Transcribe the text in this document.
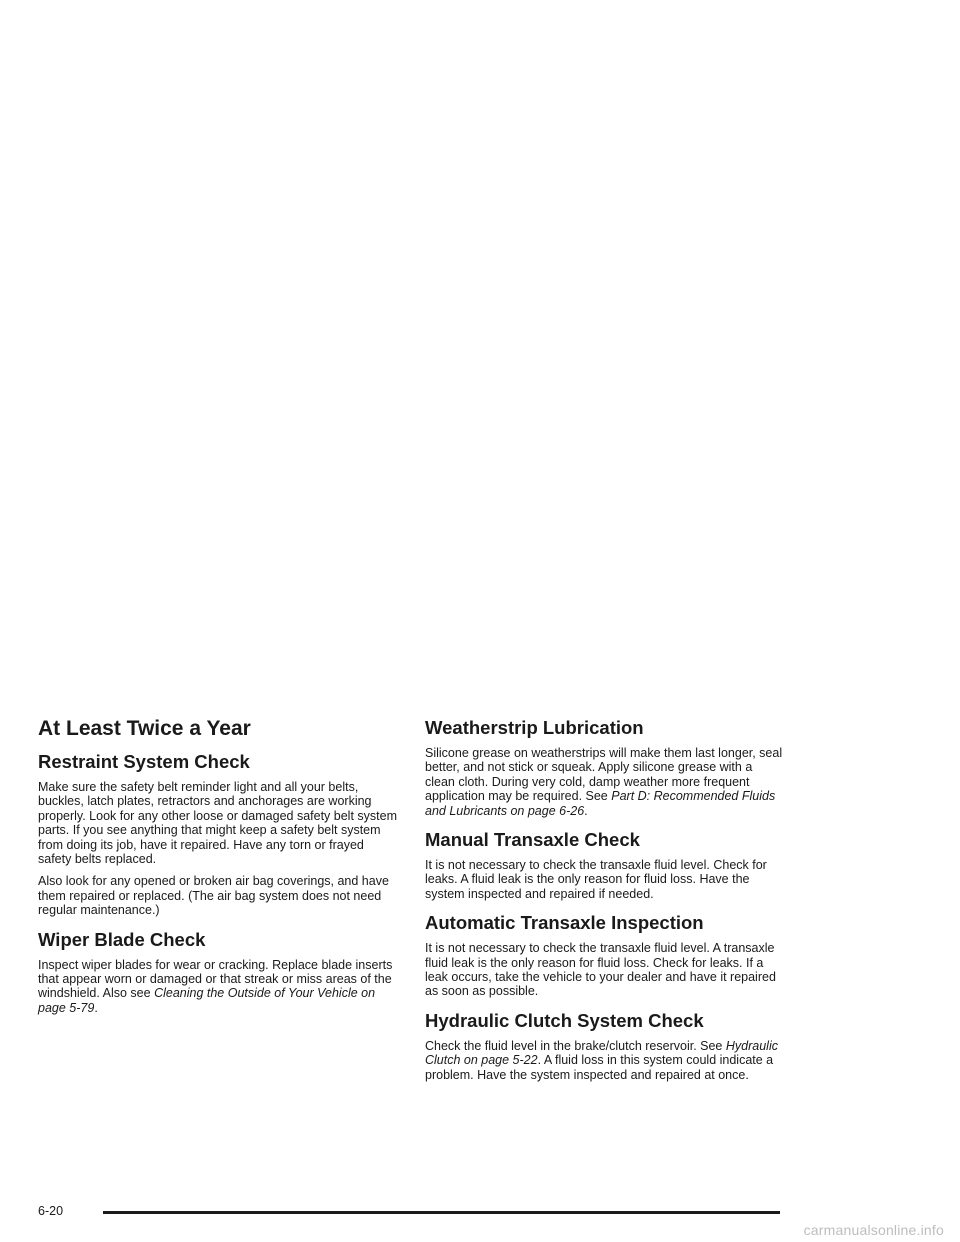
At Least Twice a Year
Restraint System Check

Make sure the safety belt reminder light and all your belts, buckles, latch plates, retractors and anchorages are working properly. Look for any other loose or damaged safety belt system parts. If you see anything that might keep a safety belt system from doing its job, have it repaired. Have any torn or frayed safety belts replaced.

Also look for any opened or broken air bag coverings, and have them repaired or replaced. (The air bag system does not need regular maintenance.)

Wiper Blade Check

Inspect wiper blades for wear or cracking. Replace blade inserts that appear worn or damaged or that streak or miss areas of the windshield. Also see Cleaning the Outside of Your Vehicle on page 5-79.

Weatherstrip Lubrication

Silicone grease on weatherstrips will make them last longer, seal better, and not stick or squeak. Apply silicone grease with a clean cloth. During very cold, damp weather more frequent application may be required. See Part D: Recommended Fluids and Lubricants on page 6-26.

Manual Transaxle Check

It is not necessary to check the transaxle fluid level. Check for leaks. A fluid leak is the only reason for fluid loss. Have the system inspected and repaired if needed.

Automatic Transaxle Inspection

It is not necessary to check the transaxle fluid level. A transaxle fluid leak is the only reason for fluid loss. Check for leaks. If a leak occurs, take the vehicle to your dealer and have it repaired as soon as possible.

Hydraulic Clutch System Check

Check the fluid level in the brake/clutch reservoir. See Hydraulic Clutch on page 5-22. A fluid loss in this system could indicate a problem. Have the system inspected and repaired at once.

6-20
carmanualsonline.info
